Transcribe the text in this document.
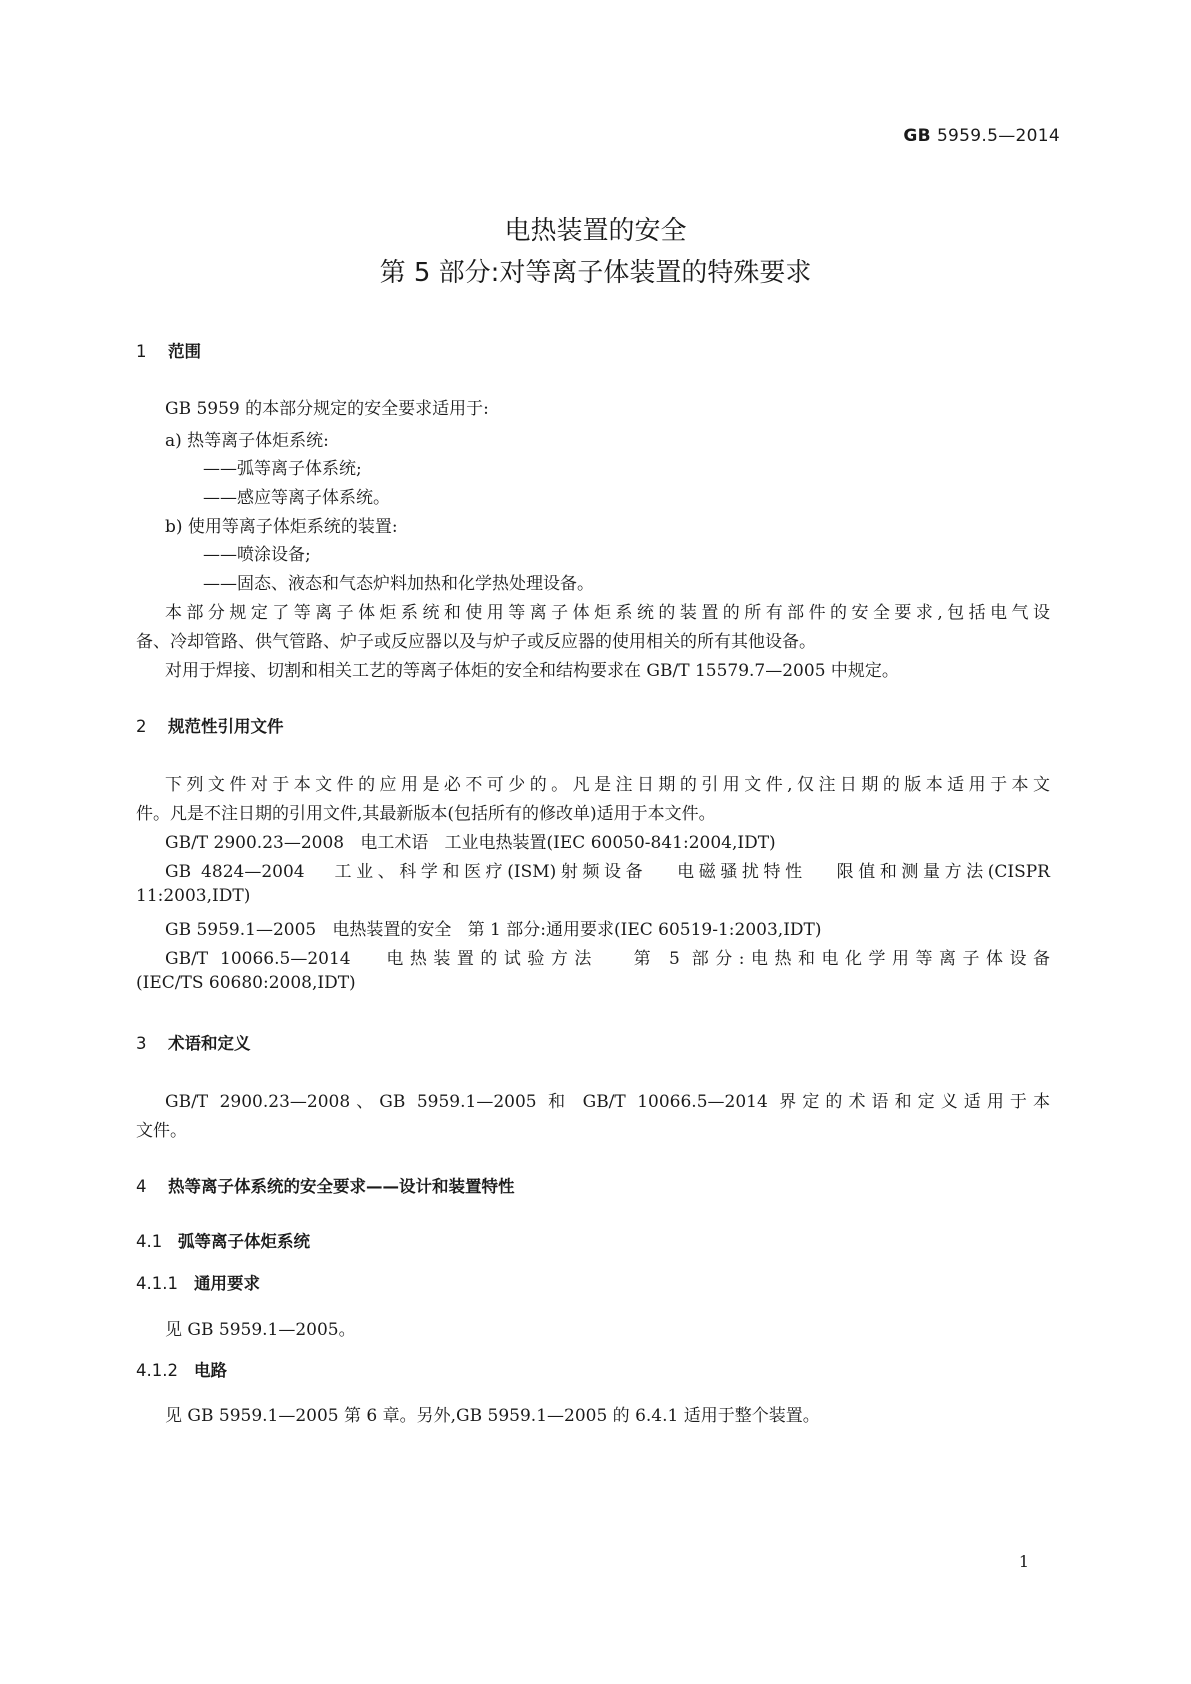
GB 5959.5—2014
电热装置的安全
第 5 部分:对等离子体装置的特殊要求
1 范围
GB 5959 的本部分规定的安全要求适用于:
a) 热等离子体炬系统:
——弧等离子体系统;
——感应等离子体系统。
b) 使用等离子体炬系统的装置:
——喷涂设备;
——固态、液态和气态炉料加热和化学热处理设备。
本部分规定了等离子体炬系统和使用等离子体炬系统的装置的所有部件的安全要求,包括电气设
备、冷却管路、供气管路、炉子或反应器以及与炉子或反应器的使用相关的所有其他设备。
对用于焊接、切割和相关工艺的等离子体炬的安全和结构要求在 GB/T 15579.7—2005 中规定。
2 规范性引用文件
下列文件对于本文件的应用是必不可少的。凡是注日期的引用文件,仅注日期的版本适用于本文
件。凡是不注日期的引用文件,其最新版本(包括所有的修改单)适用于本文件。
GB/T 2900.23—2008   电工术语   工业电热装置(IEC 60050-841:2004,IDT)
GB 4824—2004   工业、科学和医疗(ISM)射频设备   电磁骚扰特性   限值和测量方法(CISPR
11:2003,IDT)
GB 5959.1—2005   电热装置的安全   第 1 部分:通用要求(IEC 60519-1:2003,IDT)
GB/T 10066.5—2014   电热装置的试验方法   第 5 部分:电热和电化学用等离子体设备
(IEC/TS 60680:2008,IDT)
3 术语和定义
GB/T 2900.23—2008、GB 5959.1—2005 和 GB/T 10066.5—2014 界定的术语和定义适用于本
文件。
4 热等离子体系统的安全要求——设计和装置特性
4.1 弧等离子体炬系统
4.1.1 通用要求
见 GB 5959.1—2005。
4.1.2 电路
见 GB 5959.1—2005 第 6 章。另外,GB 5959.1—2005 的 6.4.1 适用于整个装置。
1
